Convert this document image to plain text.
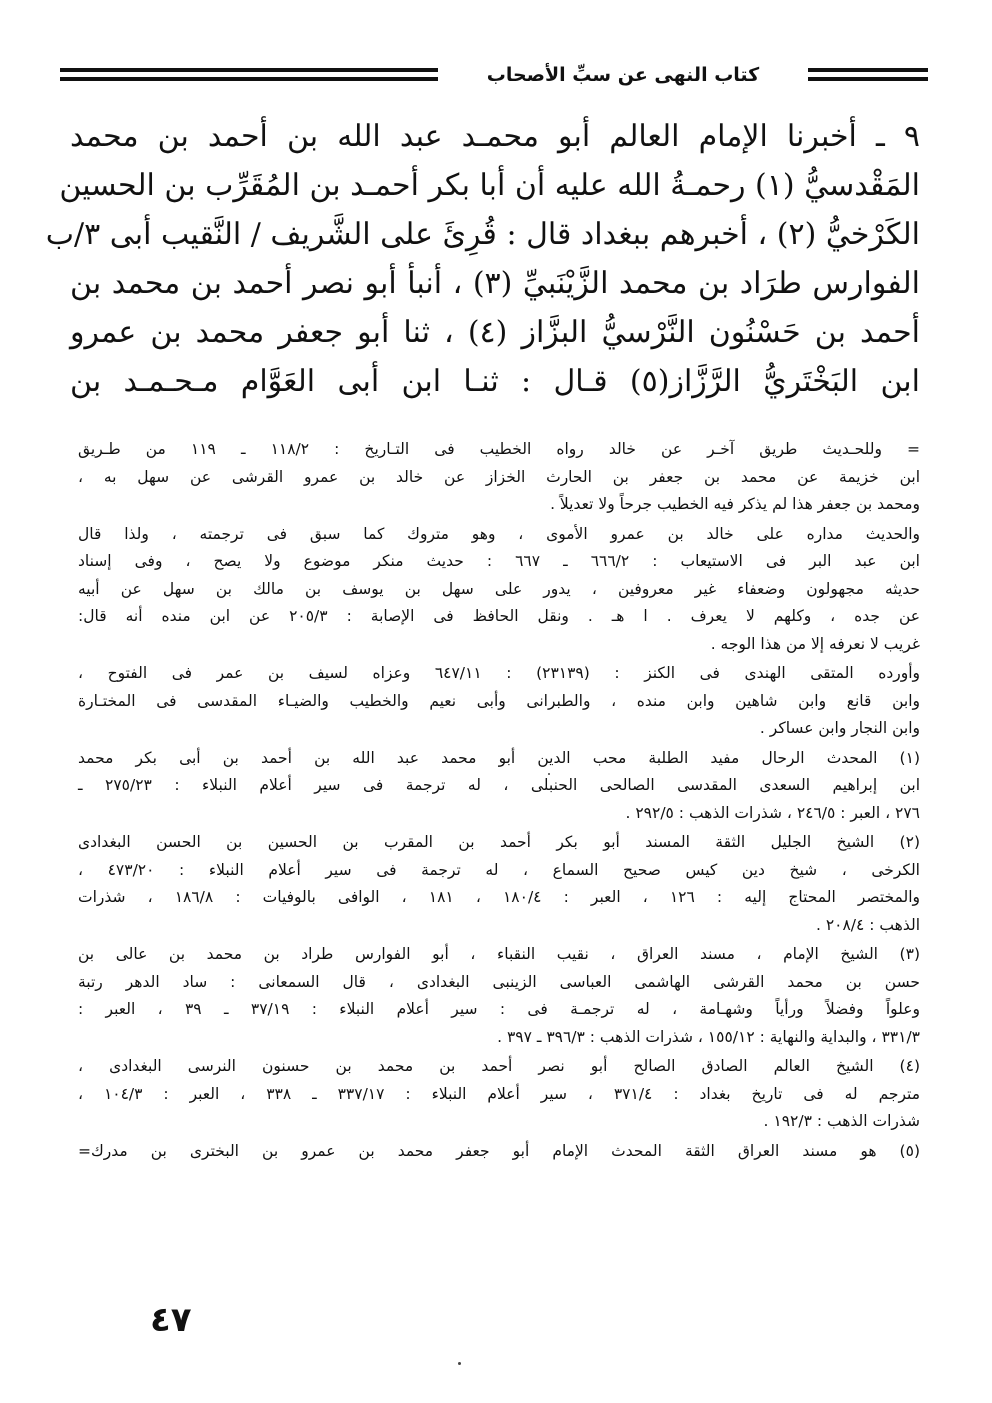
كتاب النهى عن سبِّ الأصحاب
٩ ـ أخبرنا الإمام العالم أبو محمـد عبد الله بن أحمد بن محمد
المَقْدسيُّ (١) رحمـةُ الله عليه أن أبا بكر أحمـد بن المُقَرِّب بن الحسين
الكَرْخيُّ (٢) ، أخبرهم ببغداد قال : قُرِئَ على الشَّريف / النَّقيب أبى ٣/ب
الفوارس طرَاد بن محمد الزَّيْنَبيِّ (٣) ، أنبأ أبو نصر أحمد بن محمد بن
أحمد بن حَسْنُون النَّرْسيُّ البزَّاز (٤) ، ثنا أبو جعفر محمد بن عمرو
ابن البَخْتَريُّ الرَّزَّاز(٥) قـال : ثنـا ابن أبى العَوَّام مـحـمـد بن
= وللحـديث طريق آخـر عن خالد رواه الخطيب فى التـاريخ : ١١٨/٢ ـ ١١٩ من طـريق
ابن خزيمة عن محمد بن جعفر بن الحارث الخزاز عن خالد بن عمرو القرشى عن سهل به ،
ومحمد بن جعفر هذا لم يذكر فيه الخطيب جرحاً ولا تعديلاً .
والحديث مداره على خالد بن عمرو الأموى ، وهو متروك كما سبق فى ترجمته ، ولذا قال
ابن عبد البر فى الاستيعاب : ٦٦٦/٢ ـ ٦٦٧ : حديث منكر موضوع ولا يصح ، وفى إسناد
حديثه مجهولون وضعفاء غير معروفين ، يدور على سهل بن يوسف بن مالك بن سهل عن أبيه
عن جده ، وكلهم لا يعرف . ا هـ . ونقل الحافظ فى الإصابة : ٢٠٥/٣ عن ابن منده أنه قال:
غريب لا نعرفه إلا من هذا الوجه .
وأورده المتقى الهندى فى الكنز : (٢٣١٣٩) : ٦٤٧/١١ وعزاه لسيف بن عمر فى الفتوح ،
وابن قانع وابن شاهين وابن منده ، والطبرانى وأبى نعيم والخطيب والضيـاء المقدسى فى المختـارة
وابن النجار وابن عساكر .
(١) المحدث الرحال مفيد الطلبة محب الدين أبو محمد عبد الله بن أحمد بن أبى بكر محمد
ابن إبراهيم السعدى المقدسى الصالحى الحنبلى ، له ترجمة فى سير أعلام النبلاء : ٢٧٥/٢٣ ـ
٢٧٦ ، العبر : ٢٤٦/٥ ، شذرات الذهب : ٢٩٢/٥ .
(٢) الشيخ الجليل الثقة المسند أبو بكر أحمد بن المقرب بن الحسين بن الحسن البغدادى
الكرخى ، شيخ دين كيس صحيح السماع ، له ترجمة فى سير أعلام النبلاء : ٤٧٣/٢٠ ،
والمختصر المحتاج إليه : ١٢٦ ، العبر : ١٨٠/٤ ، ١٨١ ، الوافى بالوفيات : ١٨٦/٨ ، شذرات
الذهب : ٢٠٨/٤ .
(٣) الشيخ الإمام ، مسند العراق ، نقيب النقباء ، أبو الفوارس طراد بن محمد بن عالى بن
حسن بن محمد القرشى الهاشمى العباسى الزينبى البغدادى ، قال السمعانى : ساد الدهر رتبة
وعلواً وفضلاً ورأياً وشهـامة ، له ترجمـة فى : سير أعلام النبلاء : ٣٧/١٩ ـ ٣٩ ، العبر :
٣٣١/٣ ، والبداية والنهاية : ١٥٥/١٢ ، شذرات الذهب : ٣٩٦/٣ ـ ٣٩٧ .
(٤) الشيخ العالم الصادق الصالح أبو نصر أحمد بن محمد بن حسنون النرسى البغدادى ،
مترجم له فى تاريخ بغداد : ٣٧١/٤ ، سير أعلام النبلاء : ٣٣٧/١٧ ـ ٣٣٨ ، العبر : ١٠٤/٣ ،
شذرات الذهب : ١٩٢/٣ .
(٥) هو مسند العراق الثقة المحدث الإمام أبو جعفر محمد بن عمرو بن البخترى بن مدرك=
٤٧
